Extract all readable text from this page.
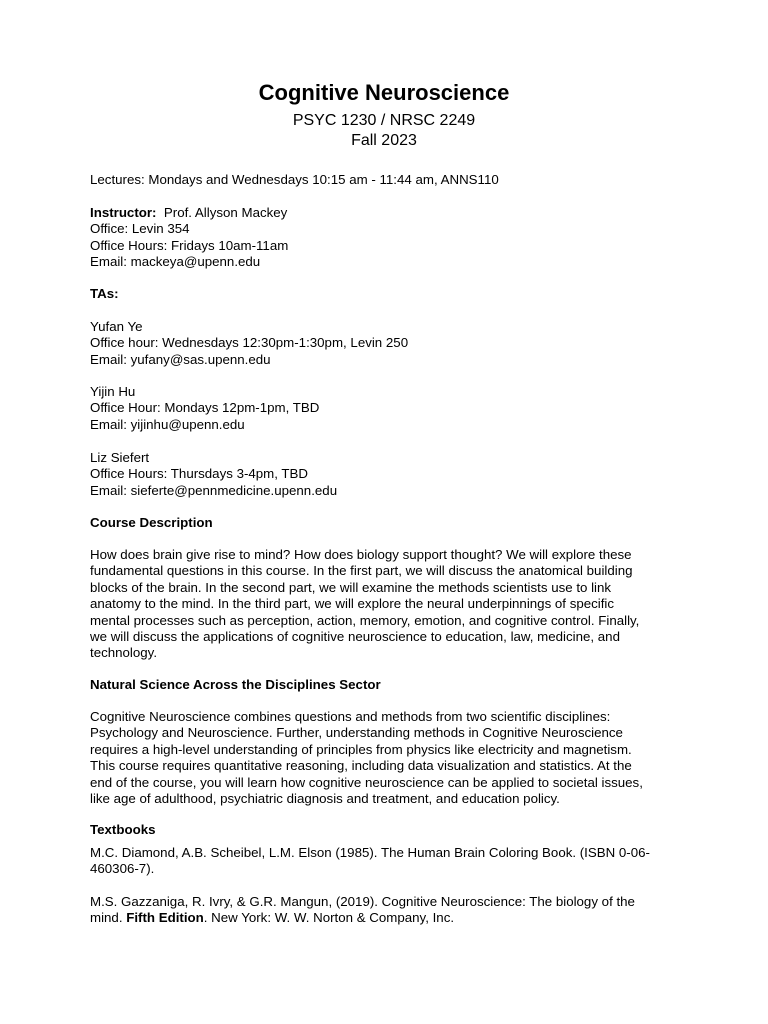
Cognitive Neuroscience
PSYC 1230 / NRSC 2249
Fall 2023

Lectures: Mondays and Wednesdays 10:15 am - 11:44 am, ANNS110

Instructor: Prof. Allyson Mackey

Office: Levin 354

Office Hours: Fridays 10am-11am

Email: mackeya@upenn.edu

TAs:

Yufan Ye

Office hour: Wednesdays 12:30pm-1:30pm, Levin 250

Email: yufany@sas.upenn.edu

Yijin Hu

Office Hour: Mondays 12pm-1pm, TBD

Email: yijinhu@upenn.edu

Liz Siefert

Office Hours: Thursdays 3-4pm, TBD

Email: sieferte@pennmedicine.upenn.edu

Course Description

How does brain give rise to mind? How does biology support thought? We will explore these

fundamental questions in this course. In the first part, we will discuss the anatomical building

blocks of the brain. In the second part, we will examine the methods scientists use to link

anatomy to the mind. In the third part, we will explore the neural underpinnings of specific

mental processes such as perception, action, memory, emotion, and cognitive control. Finally,

we will discuss the applications of cognitive neuroscience to education, law, medicine, and

technology.

Natural Science Across the Disciplines Sector

Cognitive Neuroscience combines questions and methods from two scientific disciplines:

Psychology and Neuroscience. Further, understanding methods in Cognitive Neuroscience

requires a high-level understanding of principles from physics like electricity and magnetism.

This course requires quantitative reasoning, including data visualization and statistics. At the

end of the course, you will learn how cognitive neuroscience can be applied to societal issues,

like age of adulthood, psychiatric diagnosis and treatment, and education policy.

Textbooks

M.C. Diamond, A.B. Scheibel, L.M. Elson (1985). The Human Brain Coloring Book. (ISBN 0-06-

460306-7).

M.S. Gazzaniga, R. Ivry, & G.R. Mangun, (2019). Cognitive Neuroscience: The biology of the

mind. Fifth Edition. New York: W. W. Norton & Company, Inc.
